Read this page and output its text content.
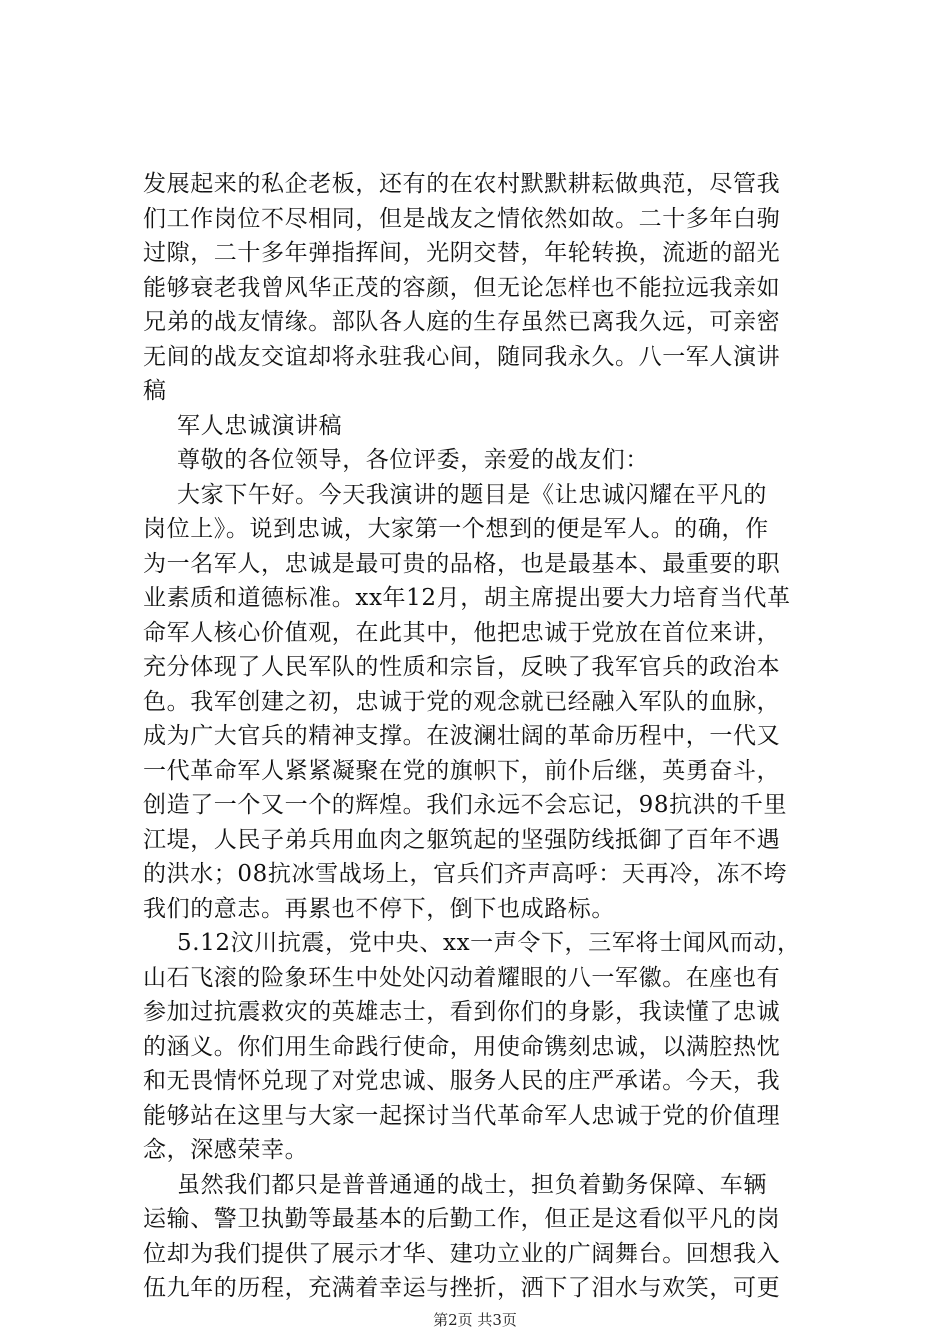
发展起来的私企老板，还有的在农村默默耕耘做典范，尽管我
们工作岗位不尽相同，但是战友之情依然如故。二十多年白驹
过隙，二十多年弹指挥间，光阴交替，年轮转换，流逝的韶光
能够衰老我曾风华正茂的容颜，但无论怎样也不能拉远我亲如
兄弟的战友情缘。部队各人庭的生存虽然已离我久远，可亲密
无间的战友交谊却将永驻我心间，随同我永久。八一军人演讲
稿
军人忠诚演讲稿
尊敬的各位领导，各位评委，亲爱的战友们：
大家下午好。今天我演讲的题目是《让忠诚闪耀在平凡的
岗位上》。说到忠诚，大家第一个想到的便是军人。的确，作
为一名军人，忠诚是最可贵的品格，也是最基本、最重要的职
业素质和道德标准。xx年12月，胡主席提出要大力培育当代革
命军人核心价值观，在此其中，他把忠诚于党放在首位来讲，
充分体现了人民军队的性质和宗旨，反映了我军官兵的政治本
色。我军创建之初，忠诚于党的观念就已经融入军队的血脉，
成为广大官兵的精神支撑。在波澜壮阔的革命历程中，一代又
一代革命军人紧紧凝聚在党的旗帜下，前仆后继，英勇奋斗，
创造了一个又一个的辉煌。我们永远不会忘记，98抗洪的千里
江堤，人民子弟兵用血肉之躯筑起的坚强防线抵御了百年不遇
的洪水；08抗冰雪战场上，官兵们齐声高呼：天再冷，冻不垮
我们的意志。再累也不停下，倒下也成路标。
5.12汶川抗震，党中央、xx一声令下，三军将士闻风而动，
山石飞滚的险象环生中处处闪动着耀眼的八一军徽。在座也有
参加过抗震救灾的英雄志士，看到你们的身影，我读懂了忠诚
的涵义。你们用生命践行使命，用使命镌刻忠诚，以满腔热忱
和无畏情怀兑现了对党忠诚、服务人民的庄严承诺。今天，我
能够站在这里与大家一起探讨当代革命军人忠诚于党的价值理
念，深感荣幸。
虽然我们都只是普普通通的战士，担负着勤务保障、车辆
运输、警卫执勤等最基本的后勤工作，但正是这看似平凡的岗
位却为我们提供了展示才华、建功立业的广阔舞台。回想我入
伍九年的历程，充满着幸运与挫折，洒下了泪水与欢笑，可更
第2页 共3页
